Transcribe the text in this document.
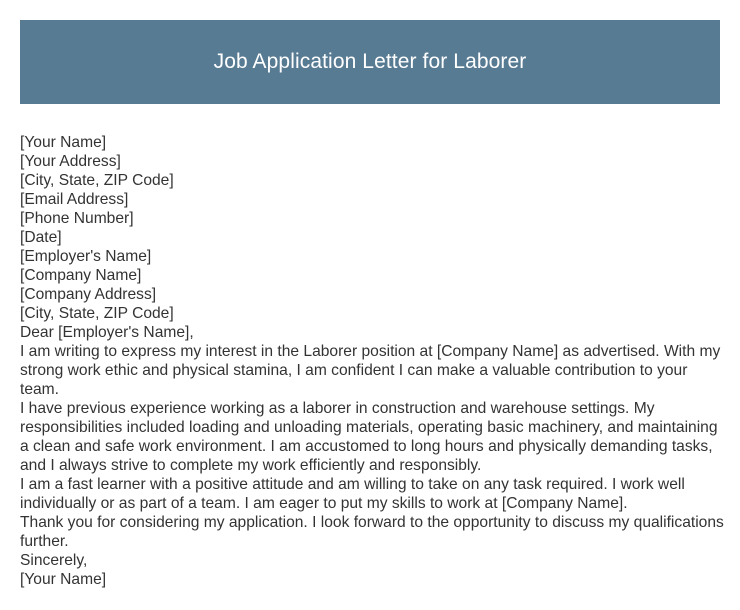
Job Application Letter for Laborer
[Your Name]
[Your Address]
[City, State, ZIP Code]
[Email Address]
[Phone Number]
[Date]
[Employer's Name]
[Company Name]
[Company Address]
[City, State, ZIP Code]
Dear [Employer's Name],

I am writing to express my interest in the Laborer position at [Company Name] as advertised. With my strong work ethic and physical stamina, I am confident I can make a valuable contribution to your team.

I have previous experience working as a laborer in construction and warehouse settings. My responsibilities included loading and unloading materials, operating basic machinery, and maintaining a clean and safe work environment. I am accustomed to long hours and physically demanding tasks, and I always strive to complete my work efficiently and responsibly.

I am a fast learner with a positive attitude and am willing to take on any task required. I work well individually or as part of a team. I am eager to put my skills to work at [Company Name].

Thank you for considering my application. I look forward to the opportunity to discuss my qualifications further.

Sincerely,
[Your Name]
